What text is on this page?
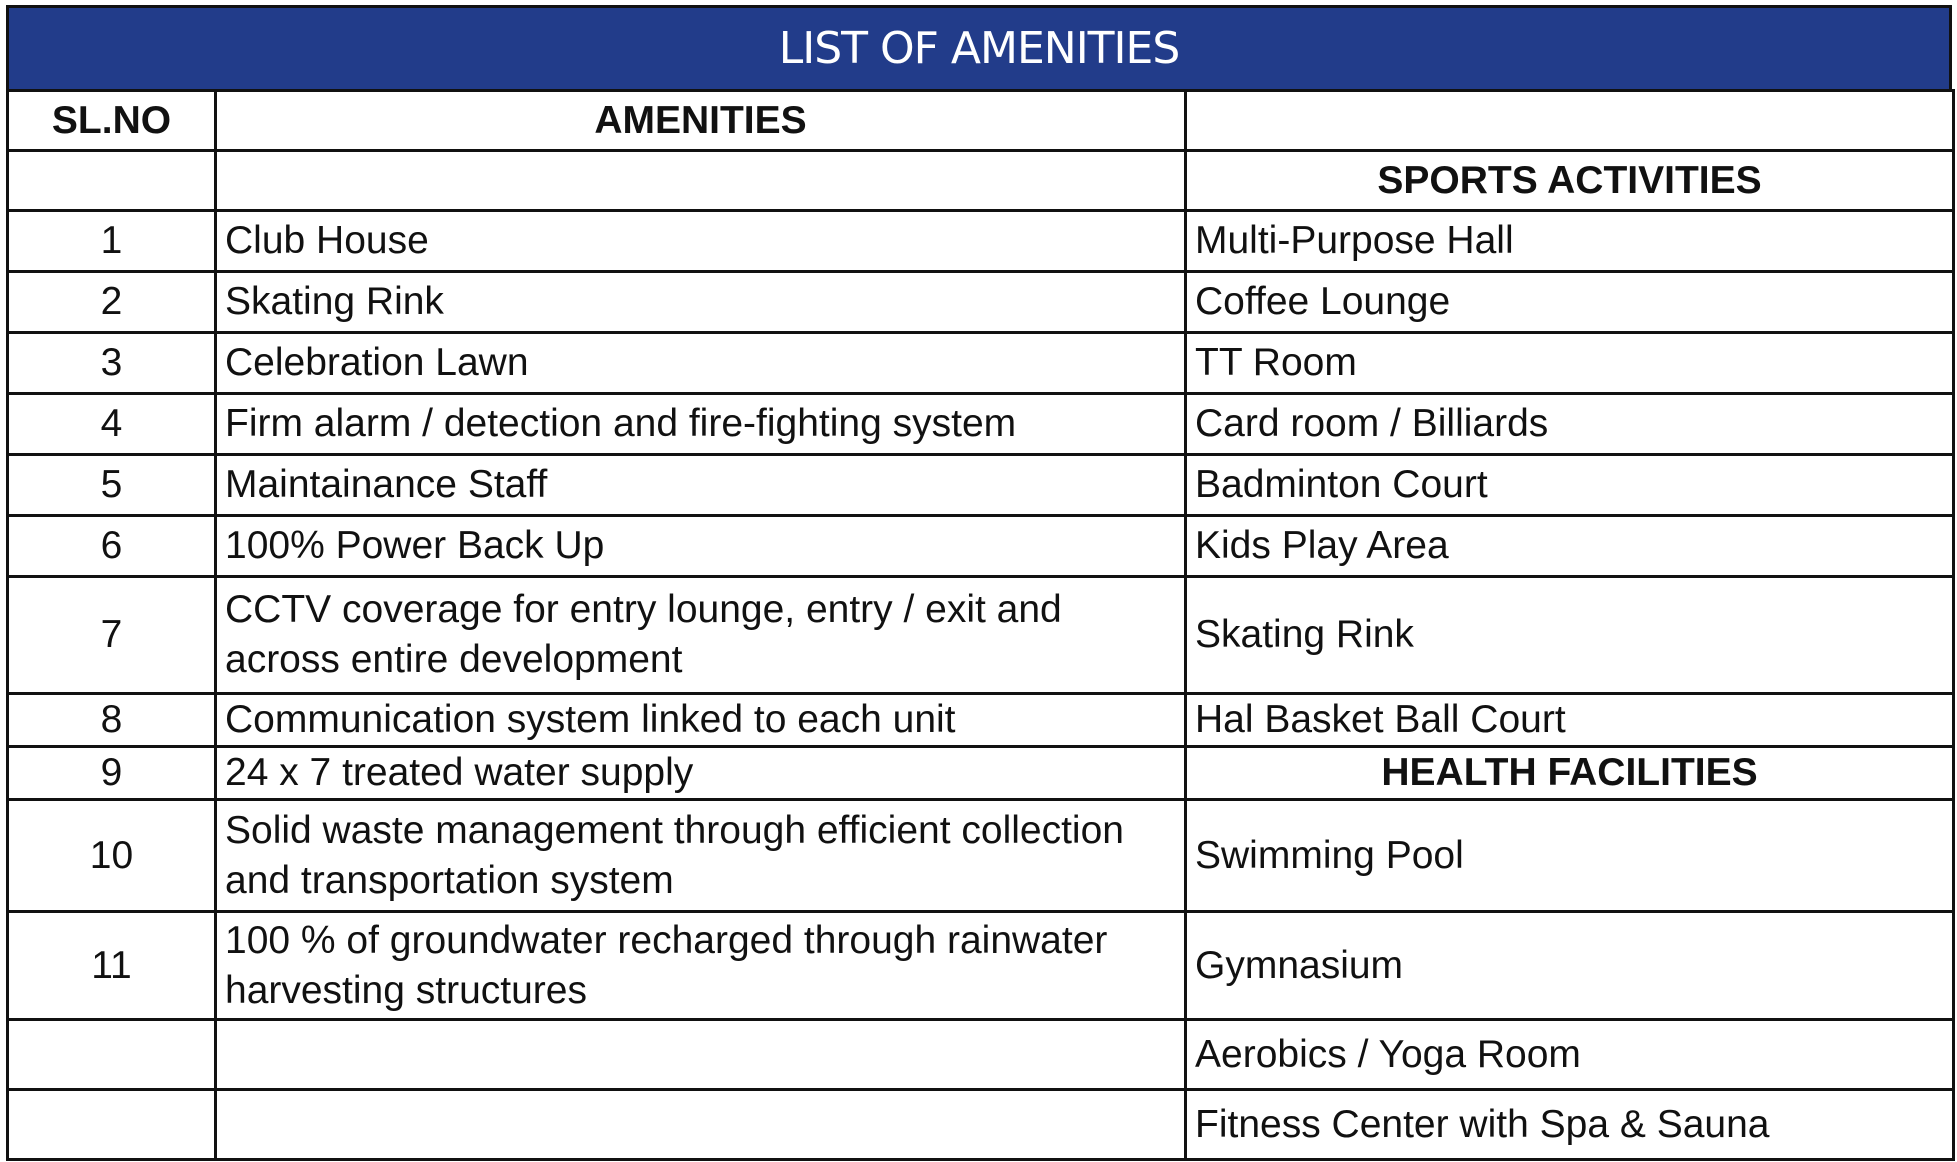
LIST OF AMENITIES
SL.NO	AMENITIES	
		SPORTS ACTIVITIES
1	Club House	Multi-Purpose Hall
2	Skating Rink	Coffee Lounge
3	Celebration Lawn	TT Room
4	Firm alarm / detection and fire-fighting system	Card room / Billiards
5	Maintainance Staff	Badminton Court
6	100% Power Back Up	Kids Play Area
7	CCTV coverage for entry lounge, entry / exit and across entire development	Skating Rink
8	Communication system linked to each unit	Hal Basket Ball Court
9	24 x 7 treated water supply	HEALTH FACILITIES
10	Solid waste management through efficient collection and transportation system	Swimming Pool
11	100 % of groundwater recharged through rainwater harvesting structures	Gymnasium
		Aerobics / Yoga Room
		Fitness Center with Spa & Sauna
